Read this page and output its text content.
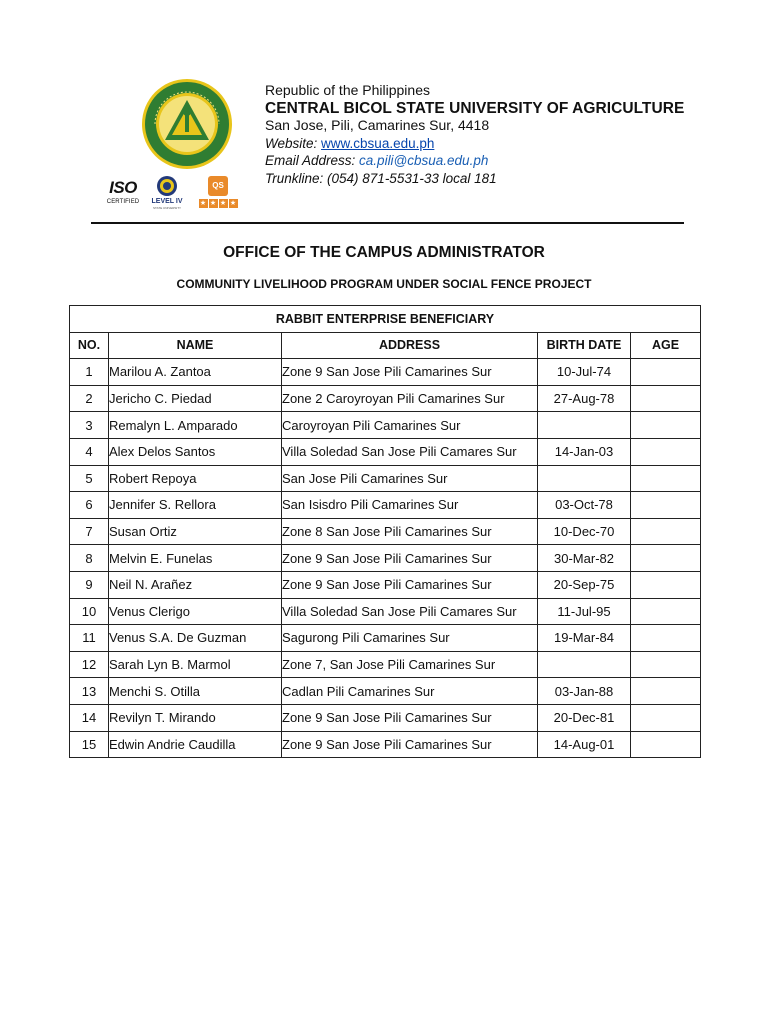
ISO
CERTIFIED	LEVEL IV
STATE UNIVERSITY
QS
★ ★ ★ ★
Republic of the Philippines
CENTRAL BICOL STATE UNIVERSITY OF AGRICULTURE
San Jose, Pili, Camarines Sur, 4418
Website: www.cbsua.edu.ph
Email Address: ca.pili@cbsua.edu.ph
Trunkline: (054) 871-5531-33 local 181
OFFICE OF THE CAMPUS ADMINISTRATOR
COMMUNITY LIVELIHOOD PROGRAM UNDER SOCIAL FENCE PROJECT
RABBIT ENTERPRISE BENEFICIARY				
NO.	NAME	ADDRESS	BIRTH DATE	AGE
1	Marilou A. Zantoa	Zone 9 San Jose Pili Camarines Sur	10-Jul-74	
2	Jericho C. Piedad	Zone 2 Caroyroyan Pili Camarines Sur	27-Aug-78	
3	Remalyn L. Amparado	Caroyroyan Pili Camarines Sur		
4	Alex Delos Santos	Villa Soledad San Jose Pili Camares Sur	14-Jan-03	
5	Robert Repoya	San Jose Pili Camarines Sur		
6	Jennifer S. Rellora	San Isisdro Pili Camarines Sur	03-Oct-78	
7	Susan Ortiz	Zone 8 San Jose Pili Camarines Sur	10-Dec-70	
8	Melvin E. Funelas	Zone 9 San Jose Pili Camarines Sur	30-Mar-82	
9	Neil N. Arañez	Zone 9 San Jose Pili Camarines Sur	20-Sep-75	
10	Venus Clerigo	Villa Soledad San Jose Pili Camares Sur	11-Jul-95	
11	Venus S.A. De Guzman	Sagurong Pili Camarines Sur	19-Mar-84	
12	Sarah Lyn B. Marmol	Zone 7, San Jose Pili Camarines Sur		
13	Menchi S. Otilla	Cadlan Pili Camarines Sur	03-Jan-88	
14	Revilyn T. Mirando	Zone 9 San Jose Pili Camarines Sur	20-Dec-81	
15	Edwin Andrie Caudilla	Zone 9 San Jose Pili Camarines Sur	14-Aug-01	
